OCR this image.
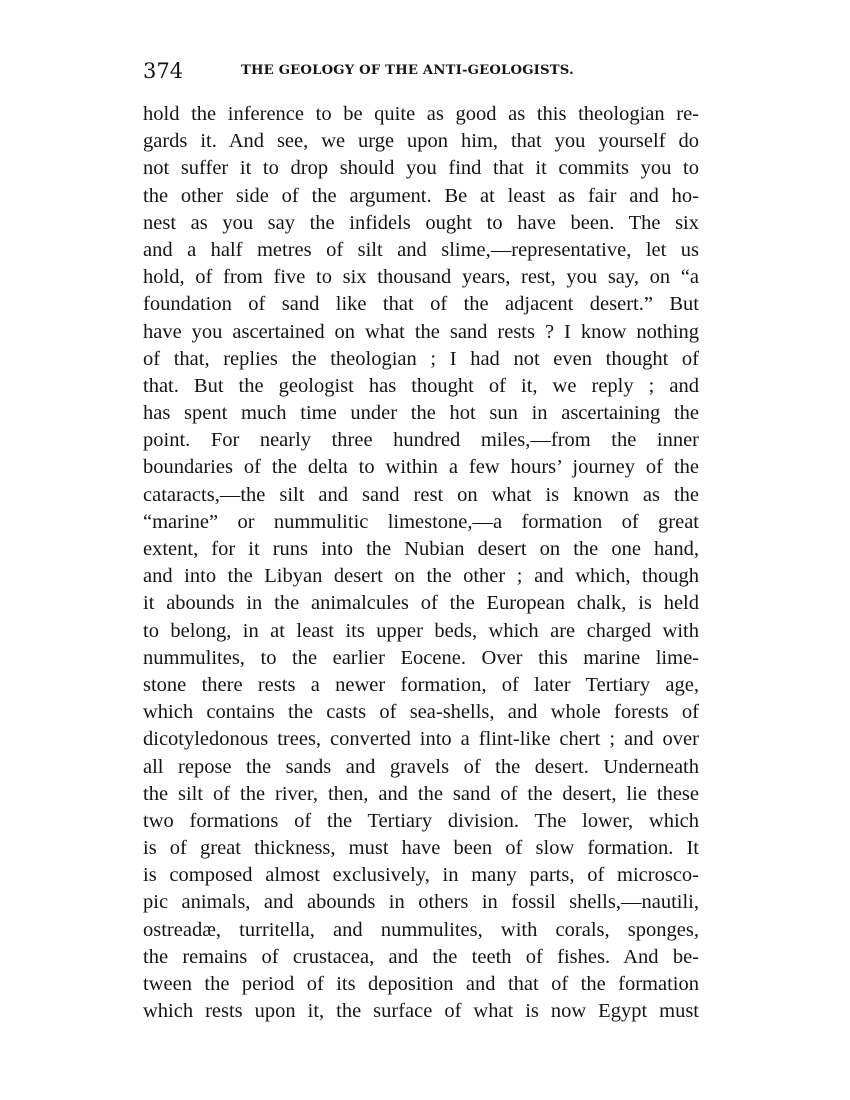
374	THE GEOLOGY OF THE ANTI-GEOLOGISTS.
hold the inference to be quite as good as this theologian re-
gards it. And see, we urge upon him, that you yourself do
not suffer it to drop should you find that it commits you to
the other side of the argument. Be at least as fair and ho-
nest as you say the infidels ought to have been. The six
and a half metres of silt and slime,—representative, let us
hold, of from five to six thousand years, rest, you say, on “a
foundation of sand like that of the adjacent desert.” But
have you ascertained on what the sand rests ? I know nothing
of that, replies the theologian ; I had not even thought of
that. But the geologist has thought of it, we reply ; and
has spent much time under the hot sun in ascertaining the
point. For nearly three hundred miles,—from the inner
boundaries of the delta to within a few hours’ journey of the
cataracts,—the silt and sand rest on what is known as the
“marine” or nummulitic limestone,—a formation of great
extent, for it runs into the Nubian desert on the one hand,
and into the Libyan desert on the other ; and which, though
it abounds in the animalcules of the European chalk, is held
to belong, in at least its upper beds, which are charged with
nummulites, to the earlier Eocene. Over this marine lime-
stone there rests a newer formation, of later Tertiary age,
which contains the casts of sea-shells, and whole forests of
dicotyledonous trees, converted into a flint-like chert ; and over
all repose the sands and gravels of the desert. Underneath
the silt of the river, then, and the sand of the desert, lie these
two formations of the Tertiary division. The lower, which
is of great thickness, must have been of slow formation. It
is composed almost exclusively, in many parts, of microsco-
pic animals, and abounds in others in fossil shells,—nautili,
ostreadæ, turritella, and nummulites, with corals, sponges,
the remains of crustacea, and the teeth of fishes. And be-
tween the period of its deposition and that of the formation
which rests upon it, the surface of what is now Egypt must
